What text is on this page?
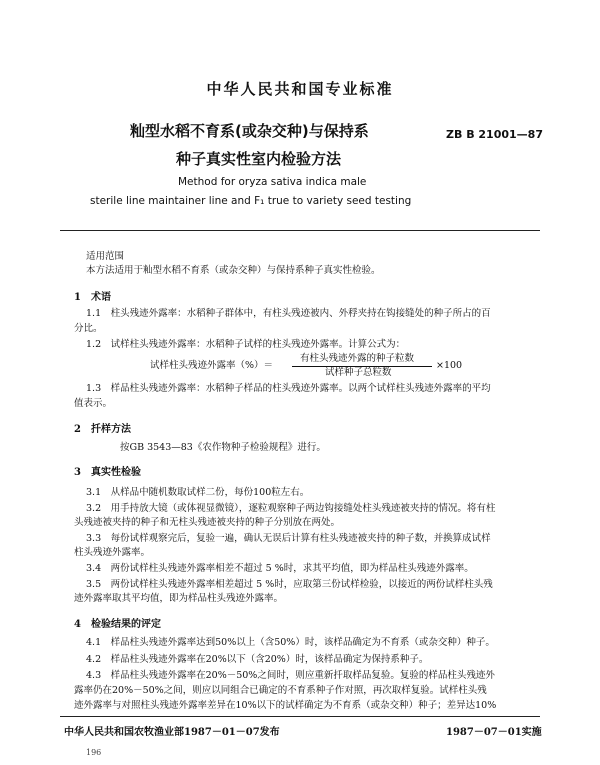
中华人民共和国专业标准
籼型水稻不育系(或杂交种)与保持系
种子真实性室内检验方法
ZB B 21001—87
Method for oryza sativa indica male
sterile line maintainer line and F₁ true to variety seed testing
适用范围
本方法适用于籼型水稻不育系（或杂交种）与保持系种子真实性检验。
1　术语
1.1　柱头残迹外露率：水稻种子群体中，有柱头残迹被内、外稃夹持在钩接缝处的种子所占的百
分比。
1.2　试样柱头残迹外露率：水稻种子试样的柱头残迹外露率。计算公式为：
试样柱头残迹外露率（%）＝
有柱头残迹外露的种子粒数
试样种子总粒数
×100
1.3　样品柱头残迹外露率：水稻种子样品的柱头残迹外露率。以两个试样柱头残迹外露率的平均
值表示。
2　扦样方法
按GB 3543—83《农作物种子检验规程》进行。
3　真实性检验
3.1　从样品中随机数取试样二份，每份100粒左右。
3.2　用手持放大镜（或体视显微镜），逐粒观察种子两边钩接缝处柱头残迹被夹持的情况。将有柱
头残迹被夹持的种子和无柱头残迹被夹持的种子分别放在两处。
3.3　每份试样观察完后，复验一遍，确认无误后计算有柱头残迹被夹持的种子数，并换算成试样
柱头残迹外露率。
3.4　两份试样柱头残迹外露率相差不超过 5 %时，求其平均值，即为样品柱头残迹外露率。
3.5　两份试样柱头残迹外露率相差超过 5 %时，应取第三份试样检验，以接近的两份试样柱头残
迹外露率取其平均值，即为样品柱头残迹外露率。
4　检验结果的评定
4.1　样品柱头残迹外露率达到50%以上（含50%）时，该样品确定为不育系（或杂交种）种子。
4.2　样品柱头残迹外露率在20%以下（含20%）时，该样品确定为保持系种子。
4.3　样品柱头残迹外露率在20%－50%之间时，则应重新扦取样品复验。复验的样品柱头残迹外
露率仍在20%－50%之间，则应以同组合已确定的不育系种子作对照，再次取样复验。试样柱头残
迹外露率与对照柱头残迹外露率差异在10%以下的试样确定为不育系（或杂交种）种子；差异达10%
中华人民共和国农牧渔业部1987－01－07发布	1987－07－01实施
196
